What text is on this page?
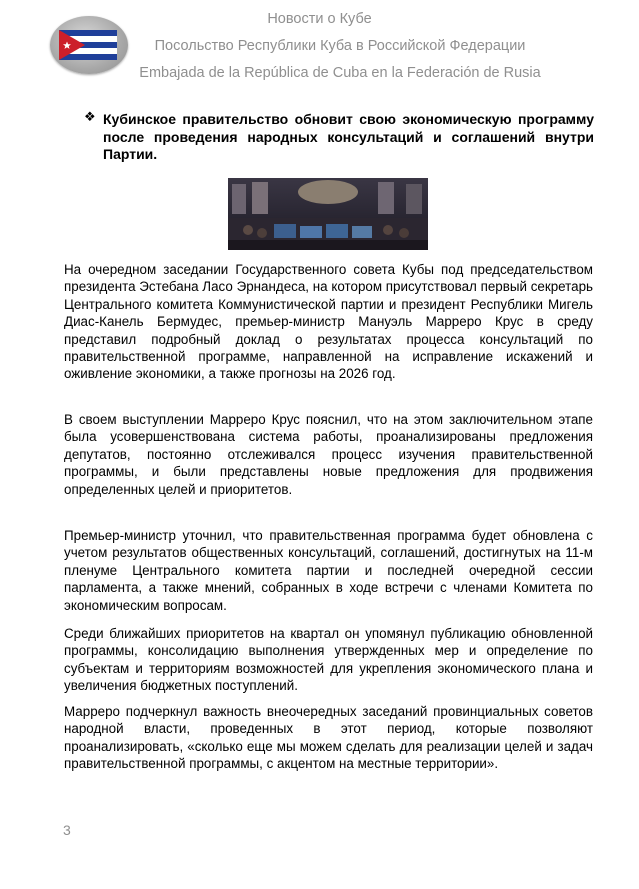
Новости о Кубе
Посольство Республики Куба в Российской Федерации
Embajada de la República de Cuba en la Federación de Rusia
❖ Кубинское правительство обновит свою экономическую программу после проведения народных консультаций и соглашений внутри Партии.
На очередном заседании Государственного совета Кубы под председательством президента Эстебана Ласо Эрнандеса, на котором присутствовал первый секретарь Центрального комитета Коммунистической партии и президент Республики Мигель Диас-Канель Бермудес, премьер-министр Мануэль Марреро Крус в среду представил подробный доклад о результатах процесса консультаций по правительственной программе, направленной на исправление искажений и оживление экономики, а также прогнозы на 2026 год.
В своем выступлении Марреро Крус пояснил, что на этом заключительном этапе была усовершенствована система работы, проанализированы предложения депутатов, постоянно отслеживался процесс изучения правительственной программы, и были представлены новые предложения для продвижения определенных целей и приоритетов.
Премьер-министр уточнил, что правительственная программа будет обновлена с учетом результатов общественных консультаций, соглашений, достигнутых на 11-м пленуме Центрального комитета партии и последней очередной сессии парламента, а также мнений, собранных в ходе встречи с членами Комитета по экономическим вопросам.
Среди ближайших приоритетов на квартал он упомянул публикацию обновленной программы, консолидацию выполнения утвержденных мер и определение по субъектам и территориям возможностей для укрепления экономического плана и увеличения бюджетных поступлений.
Марреро подчеркнул важность внеочередных заседаний провинциальных советов народной власти, проведенных в этот период, которые позволяют проанализировать, «сколько еще мы можем сделать для реализации целей и задач правительственной программы, с акцентом на местные территории».
3
